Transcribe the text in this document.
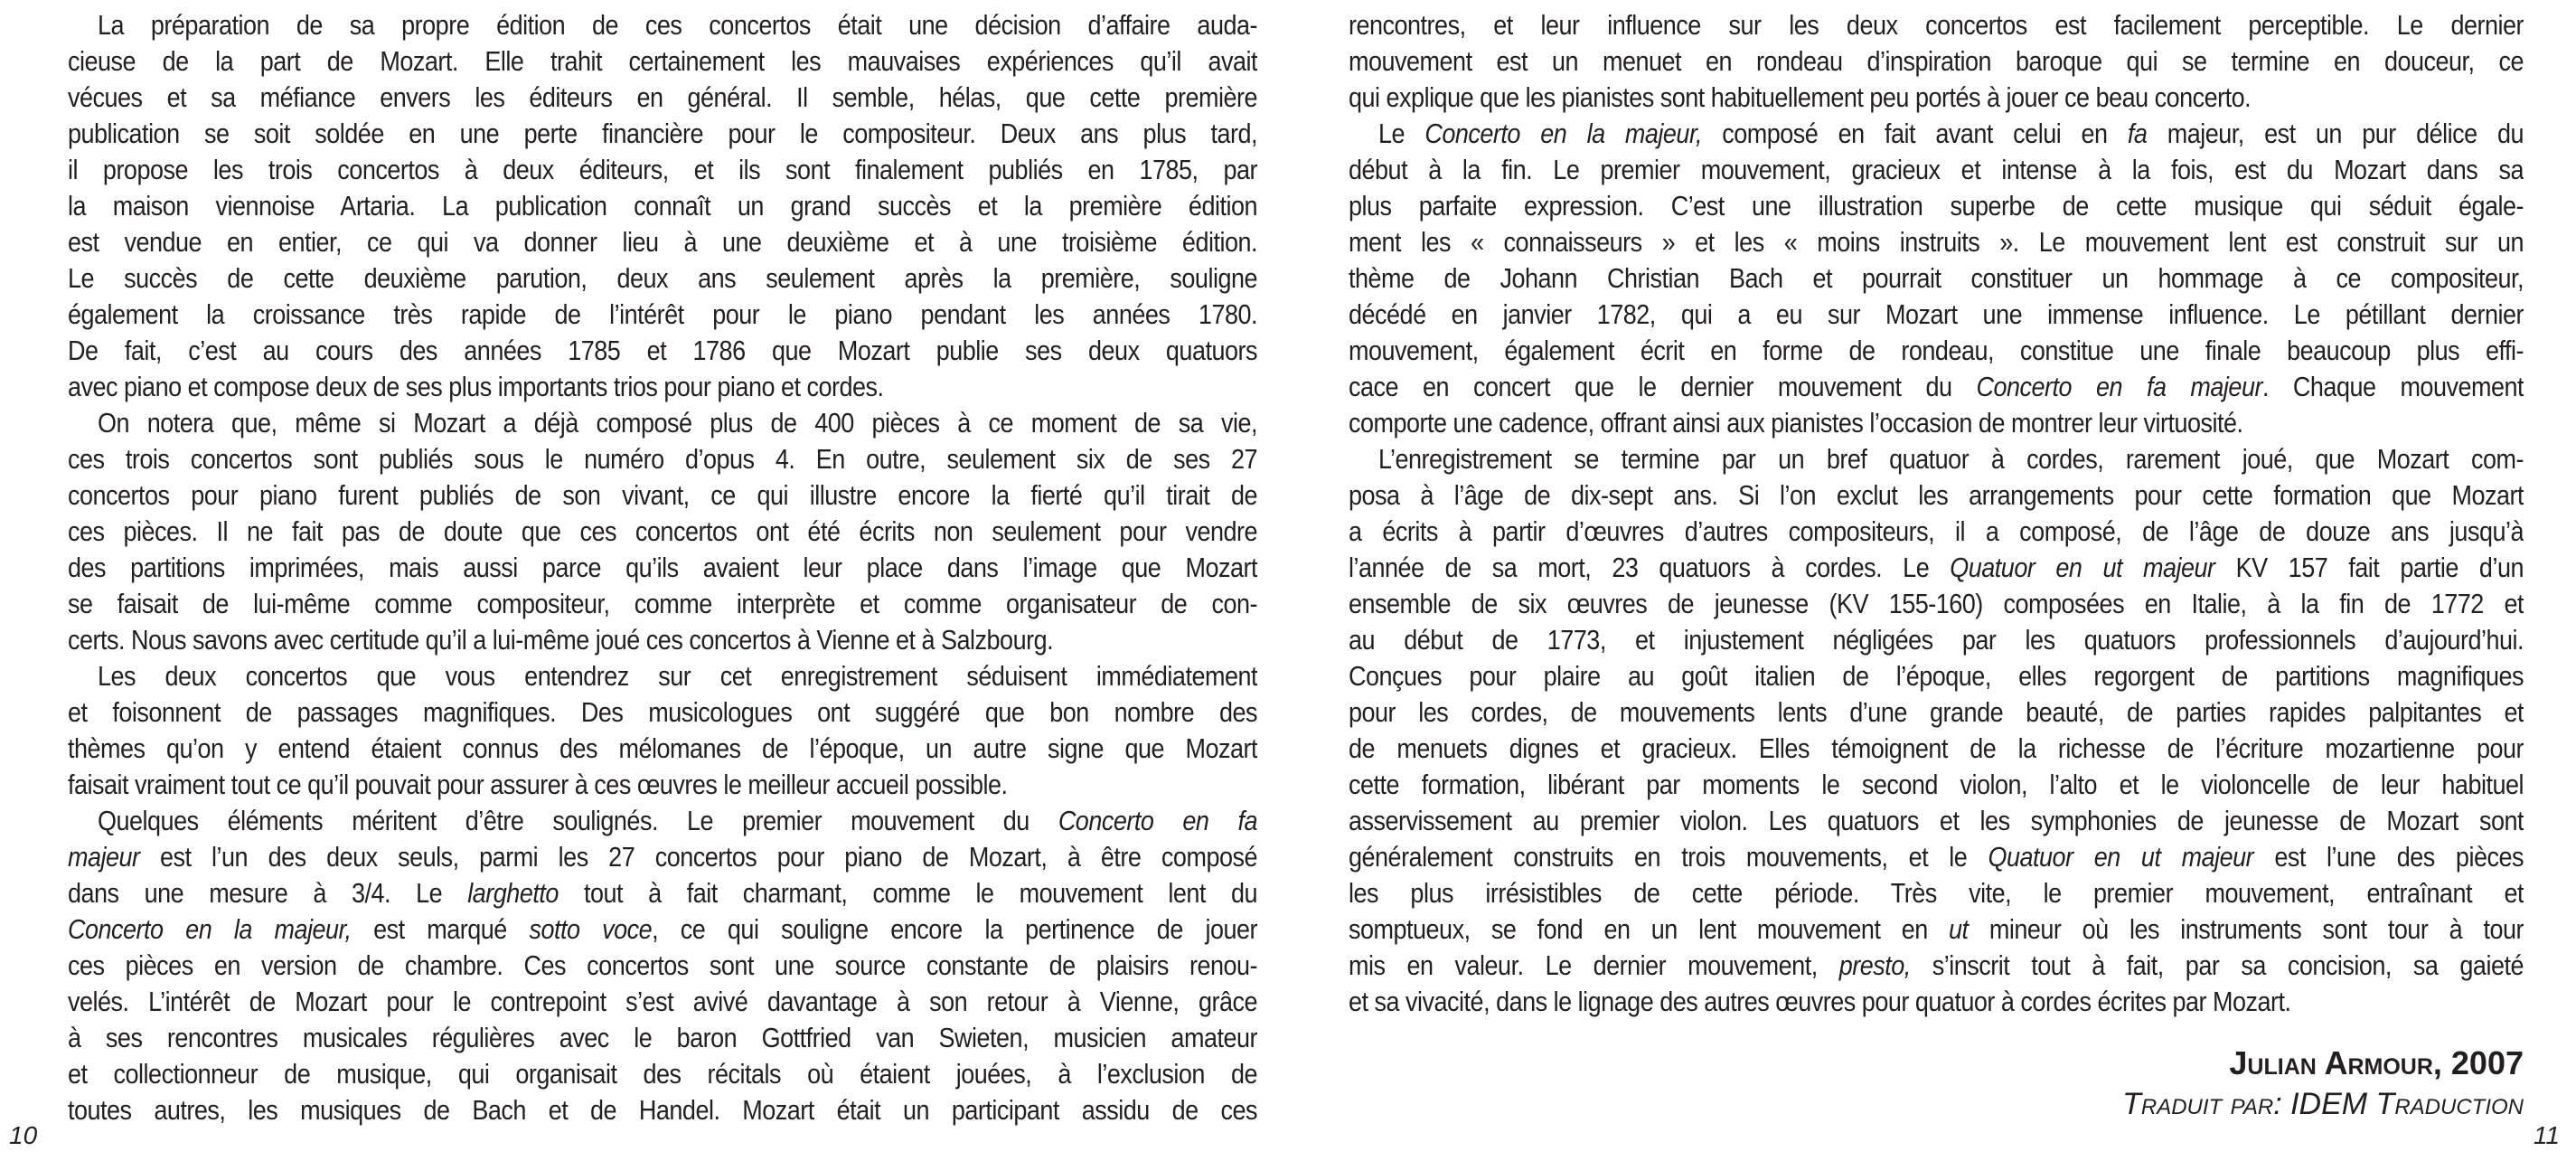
La préparation de sa propre édition de ces concertos était une décision d’affaire auda-
cieuse de la part de Mozart. Elle trahit certainement les mauvaises expériences qu’il avait
vécues et sa méfiance envers les éditeurs en général. Il semble, hélas, que cette première
publication se soit soldée en une perte financière pour le compositeur. Deux ans plus tard,
il propose les trois concertos à deux éditeurs, et ils sont finalement publiés en 1785, par
la maison viennoise Artaria. La publication connaît un grand succès et la première édition
est vendue en entier, ce qui va donner lieu à une deuxième et à une troisième édition.
Le succès de cette deuxième parution, deux ans seulement après la première, souligne
également la croissance très rapide de l’intérêt pour le piano pendant les années 1780.
De fait, c’est au cours des années 1785 et 1786 que Mozart publie ses deux quatuors
avec piano et compose deux de ses plus importants trios pour piano et cordes.
On notera que, même si Mozart a déjà composé plus de 400 pièces à ce moment de sa vie,
ces trois concertos sont publiés sous le numéro d’opus 4. En outre, seulement six de ses 27
concertos pour piano furent publiés de son vivant, ce qui illustre encore la fierté qu’il tirait de
ces pièces. Il ne fait pas de doute que ces concertos ont été écrits non seulement pour vendre
des partitions imprimées, mais aussi parce qu’ils avaient leur place dans l’image que Mozart
se faisait de lui-même comme compositeur, comme interprète et comme organisateur de con-
certs. Nous savons avec certitude qu’il a lui-même joué ces concertos à Vienne et à Salzbourg.
Les deux concertos que vous entendrez sur cet enregistrement séduisent immédiatement
et foisonnent de passages magnifiques. Des musicologues ont suggéré que bon nombre des
thèmes qu’on y entend étaient connus des mélomanes de l’époque, un autre signe que Mozart
faisait vraiment tout ce qu’il pouvait pour assurer à ces œuvres le meilleur accueil possible.
Quelques éléments méritent d’être soulignés. Le premier mouvement du Concerto en fa
majeur est l’un des deux seuls, parmi les 27 concertos pour piano de Mozart, à être composé
dans une mesure à 3/4. Le larghetto tout à fait charmant, comme le mouvement lent du
Concerto en la majeur, est marqué sotto voce, ce qui souligne encore la pertinence de jouer
ces pièces en version de chambre. Ces concertos sont une source constante de plaisirs renou-
velés. L’intérêt de Mozart pour le contrepoint s’est avivé davantage à son retour à Vienne, grâce
à ses rencontres musicales régulières avec le baron Gottfried van Swieten, musicien amateur
et collectionneur de musique, qui organisait des récitals où étaient jouées, à l’exclusion de
toutes autres, les musiques de Bach et de Handel. Mozart était un participant assidu de ces
rencontres, et leur influence sur les deux concertos est facilement perceptible. Le dernier
mouvement est un menuet en rondeau d’inspiration baroque qui se termine en douceur, ce
qui explique que les pianistes sont habituellement peu portés à jouer ce beau concerto.
Le Concerto en la majeur, composé en fait avant celui en fa majeur, est un pur délice du
début à la fin. Le premier mouvement, gracieux et intense à la fois, est du Mozart dans sa
plus parfaite expression. C’est une illustration superbe de cette musique qui séduit égale-
ment les « connaisseurs » et les « moins instruits ». Le mouvement lent est construit sur un
thème de Johann Christian Bach et pourrait constituer un hommage à ce compositeur,
décédé en janvier 1782, qui a eu sur Mozart une immense influence. Le pétillant dernier
mouvement, également écrit en forme de rondeau, constitue une finale beaucoup plus effi-
cace en concert que le dernier mouvement du Concerto en fa majeur. Chaque mouvement
comporte une cadence, offrant ainsi aux pianistes l’occasion de montrer leur virtuosité.
L’enregistrement se termine par un bref quatuor à cordes, rarement joué, que Mozart com-
posa à l’âge de dix-sept ans. Si l’on exclut les arrangements pour cette formation que Mozart
a écrits à partir d’œuvres d’autres compositeurs, il a composé, de l’âge de douze ans jusqu’à
l’année de sa mort, 23 quatuors à cordes. Le Quatuor en ut majeur KV 157 fait partie d’un
ensemble de six œuvres de jeunesse (KV 155-160) composées en Italie, à la fin de 1772 et
au début de 1773, et injustement négligées par les quatuors professionnels d’aujourd’hui.
Conçues pour plaire au goût italien de l’époque, elles regorgent de partitions magnifiques
pour les cordes, de mouvements lents d’une grande beauté, de parties rapides palpitantes et
de menuets dignes et gracieux. Elles témoignent de la richesse de l’écriture mozartienne pour
cette formation, libérant par moments le second violon, l’alto et le violoncelle de leur habituel
asservissement au premier violon. Les quatuors et les symphonies de jeunesse de Mozart sont
généralement construits en trois mouvements, et le Quatuor en ut majeur est l’une des pièces
les plus irrésistibles de cette période. Très vite, le premier mouvement, entraînant et
somptueux, se fond en un lent mouvement en ut mineur où les instruments sont tour à tour
mis en valeur. Le dernier mouvement, presto, s’inscrit tout à fait, par sa concision, sa gaieté
et sa vivacité, dans le lignage des autres œuvres pour quatuor à cordes écrites par Mozart.
Julian Armour, 2007
Traduit par: IDEM Traduction
10	11
